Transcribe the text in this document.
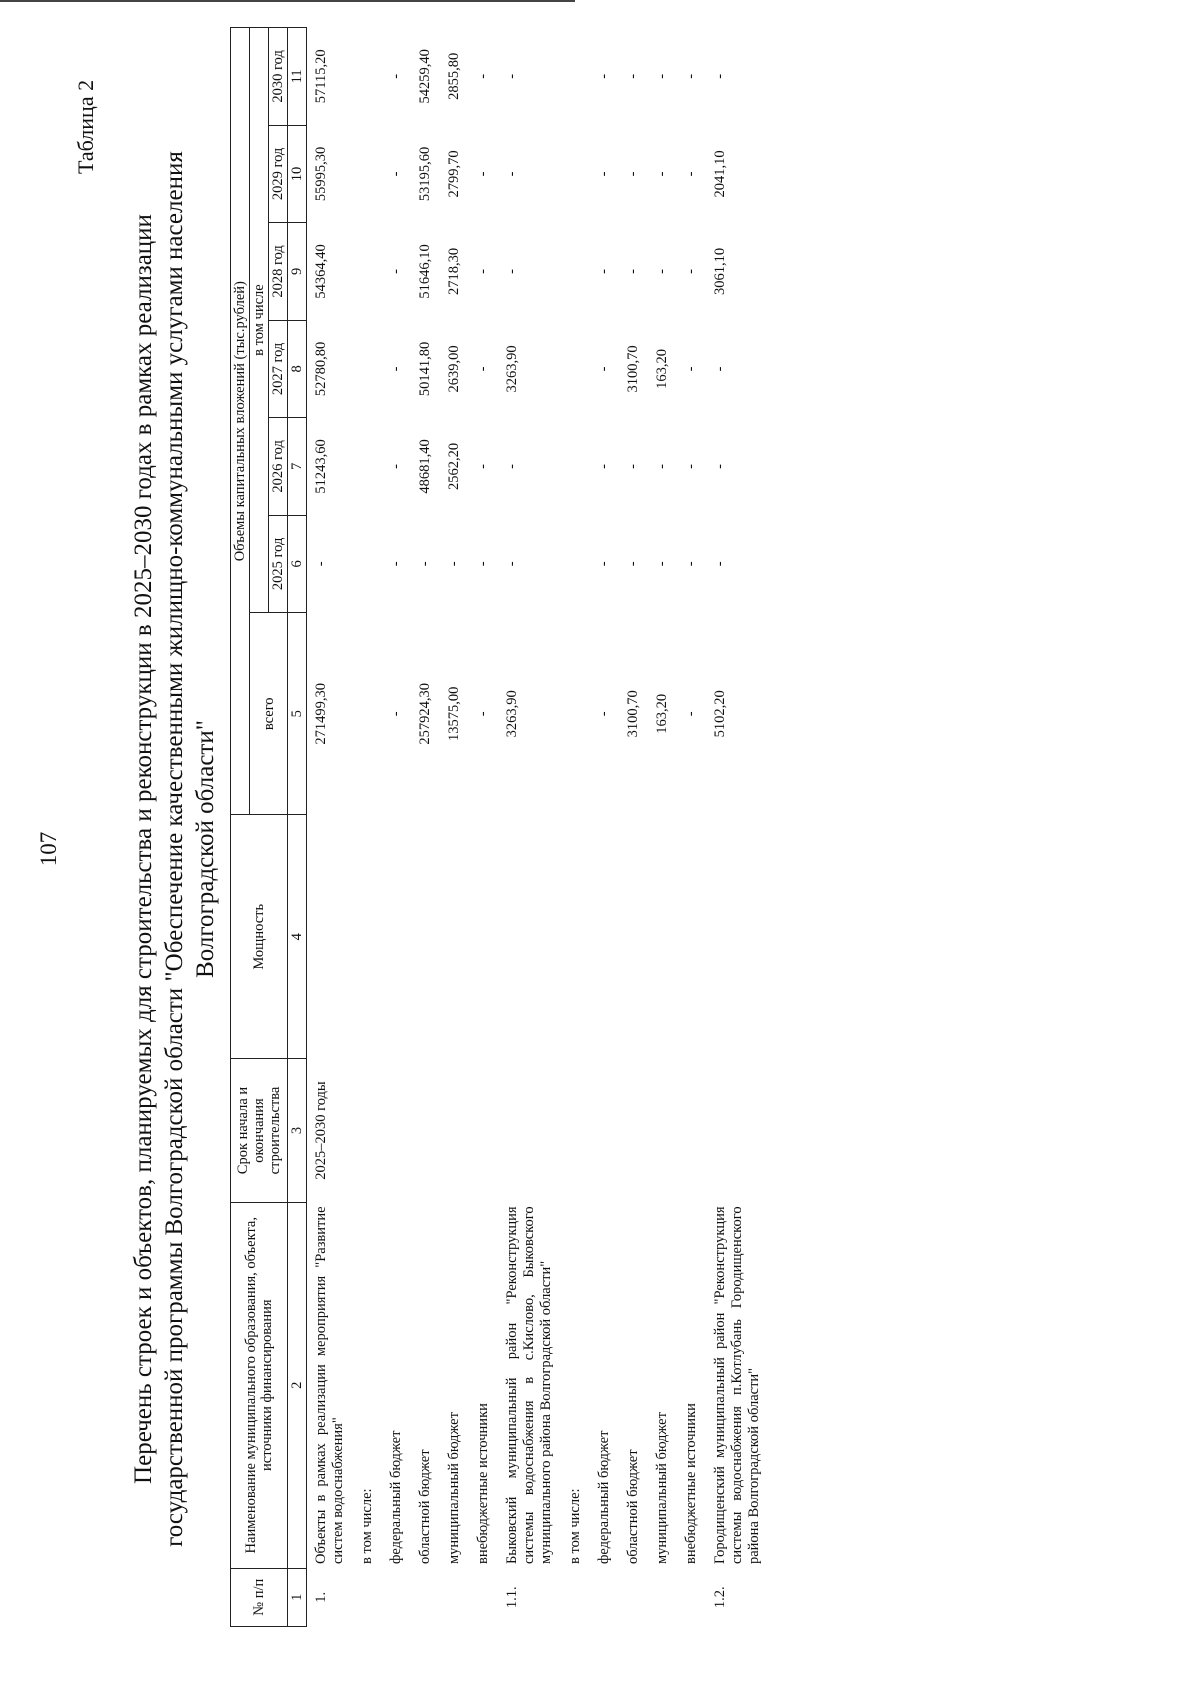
107
Таблица 2
Перечень строек и объектов, планируемых для строительства и реконструкции в 2025–2030 годах в рамках реализации государственной программы Волгоградской области "Обеспечение качественными жилищно-коммунальными услугами населения Волгоградской области"
№ п/п	Наименование муниципального образования, объекта, источники финансирования	Срок начала и окончания строительства	Мощность	Объемы капитальных вложений (тыс.рублей)						
				всего	в том числе					
					2025 год	2026 год	2027 год	2028 год	2029 год	2030 год
1	2	3	4	5	6	7	8	9	10	11
1.	Объекты в рамках реализации мероприятия "Развитие систем водоснабжения"	2025–2030 годы		271499,30	-	51243,60	52780,80	54364,40	55995,30	57115,20
	в том числе:									
	федеральный бюджет			-	-	-	-	-	-	-
	областной бюджет			257924,30	-	48681,40	50141,80	51646,10	53195,60	54259,40
	муниципальный бюджет			13575,00	-	2562,20	2639,00	2718,30	2799,70	2855,80
	внебюджетные источники			-	-	-	-	-	-	-
1.1.	Быковский муниципальный район "Реконструкция системы водоснабжения в с.Кислово, Быковского муниципального района Волгоградской области"			3263,90	-	-	3263,90	-	-	-
	в том числе:									
	федеральный бюджет			-	-	-	-	-	-	-
	областной бюджет			3100,70	-	-	3100,70	-	-	-
	муниципальный бюджет			163,20	-	-	163,20	-	-	-
	внебюджетные источники			-	-	-	-	-	-	-
1.2.	Городищенский муниципальный район "Реконструкция системы водоснабжения п.Котлубань Городищенского района Волгоградской области"			5102,20	-	-	-	3061,10	2041,10	-
